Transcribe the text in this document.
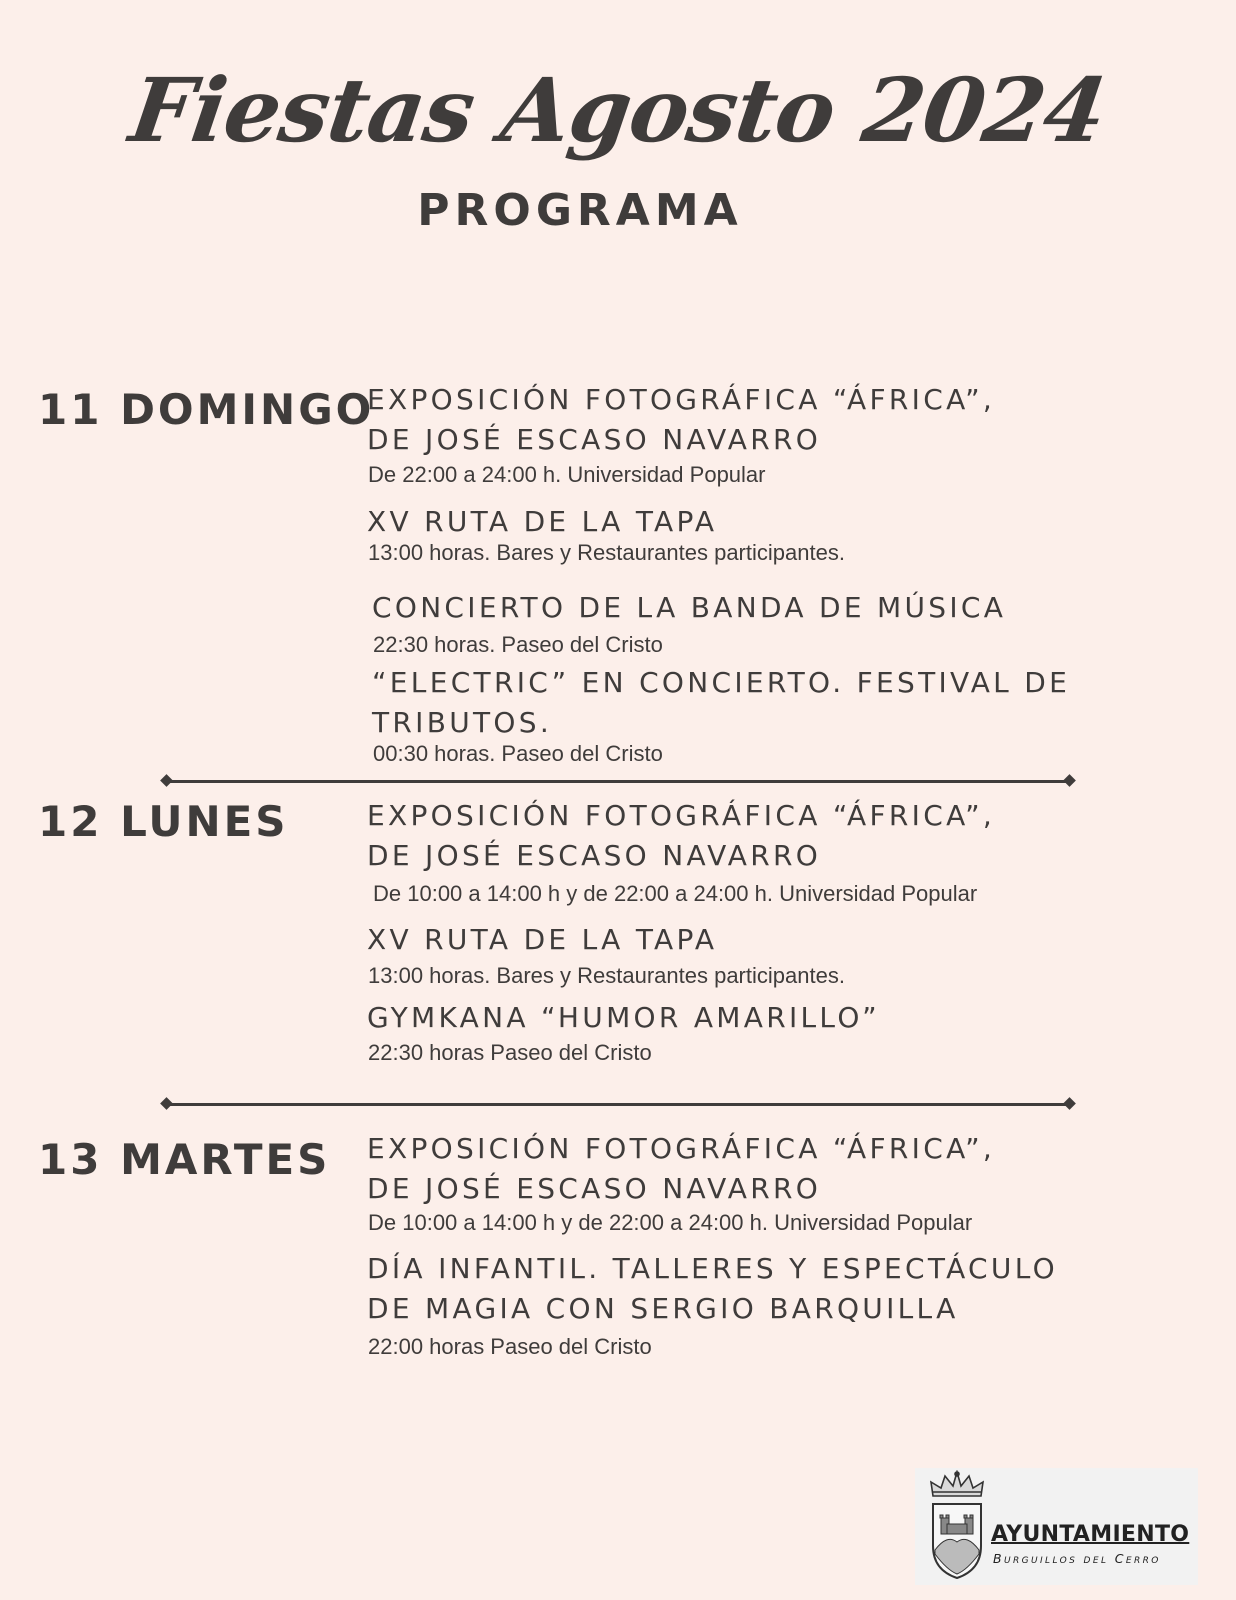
Fiestas Agosto 2024
PROGRAMA
11 DOMINGO
EXPOSICIÓN FOTOGRÁFICA “ÁFRICA”,
DE JOSÉ ESCASO NAVARRO
De 22:00 a 24:00 h. Universidad Popular
XV RUTA DE LA TAPA
13:00 horas. Bares y Restaurantes participantes.
CONCIERTO DE LA BANDA DE MÚSICA
22:30 horas. Paseo del Cristo
“ELECTRIC” EN CONCIERTO. FESTIVAL DE
TRIBUTOS.
00:30 horas. Paseo del Cristo
12 LUNES	EXPOSICIÓN FOTOGRÁFICA “ÁFRICA”,
DE JOSÉ ESCASO NAVARRO
De 10:00 a 14:00 h y de 22:00 a 24:00 h. Universidad Popular
XV RUTA DE LA TAPA
13:00 horas. Bares y Restaurantes participantes.
GYMKANA “HUMOR AMARILLO”
22:30 horas Paseo del Cristo
13 MARTES EXPOSICIÓN FOTOGRÁFICA “ÁFRICA”,
DE JOSÉ ESCASO NAVARRO
De 10:00 a 14:00 h y de 22:00 a 24:00 h. Universidad Popular
DÍA INFANTIL. TALLERES Y ESPECTÁCULO
DE MAGIA CON SERGIO BARQUILLA
22:00 horas Paseo del Cristo
AYUNTAMIENTO
Burguillos del Cerro
